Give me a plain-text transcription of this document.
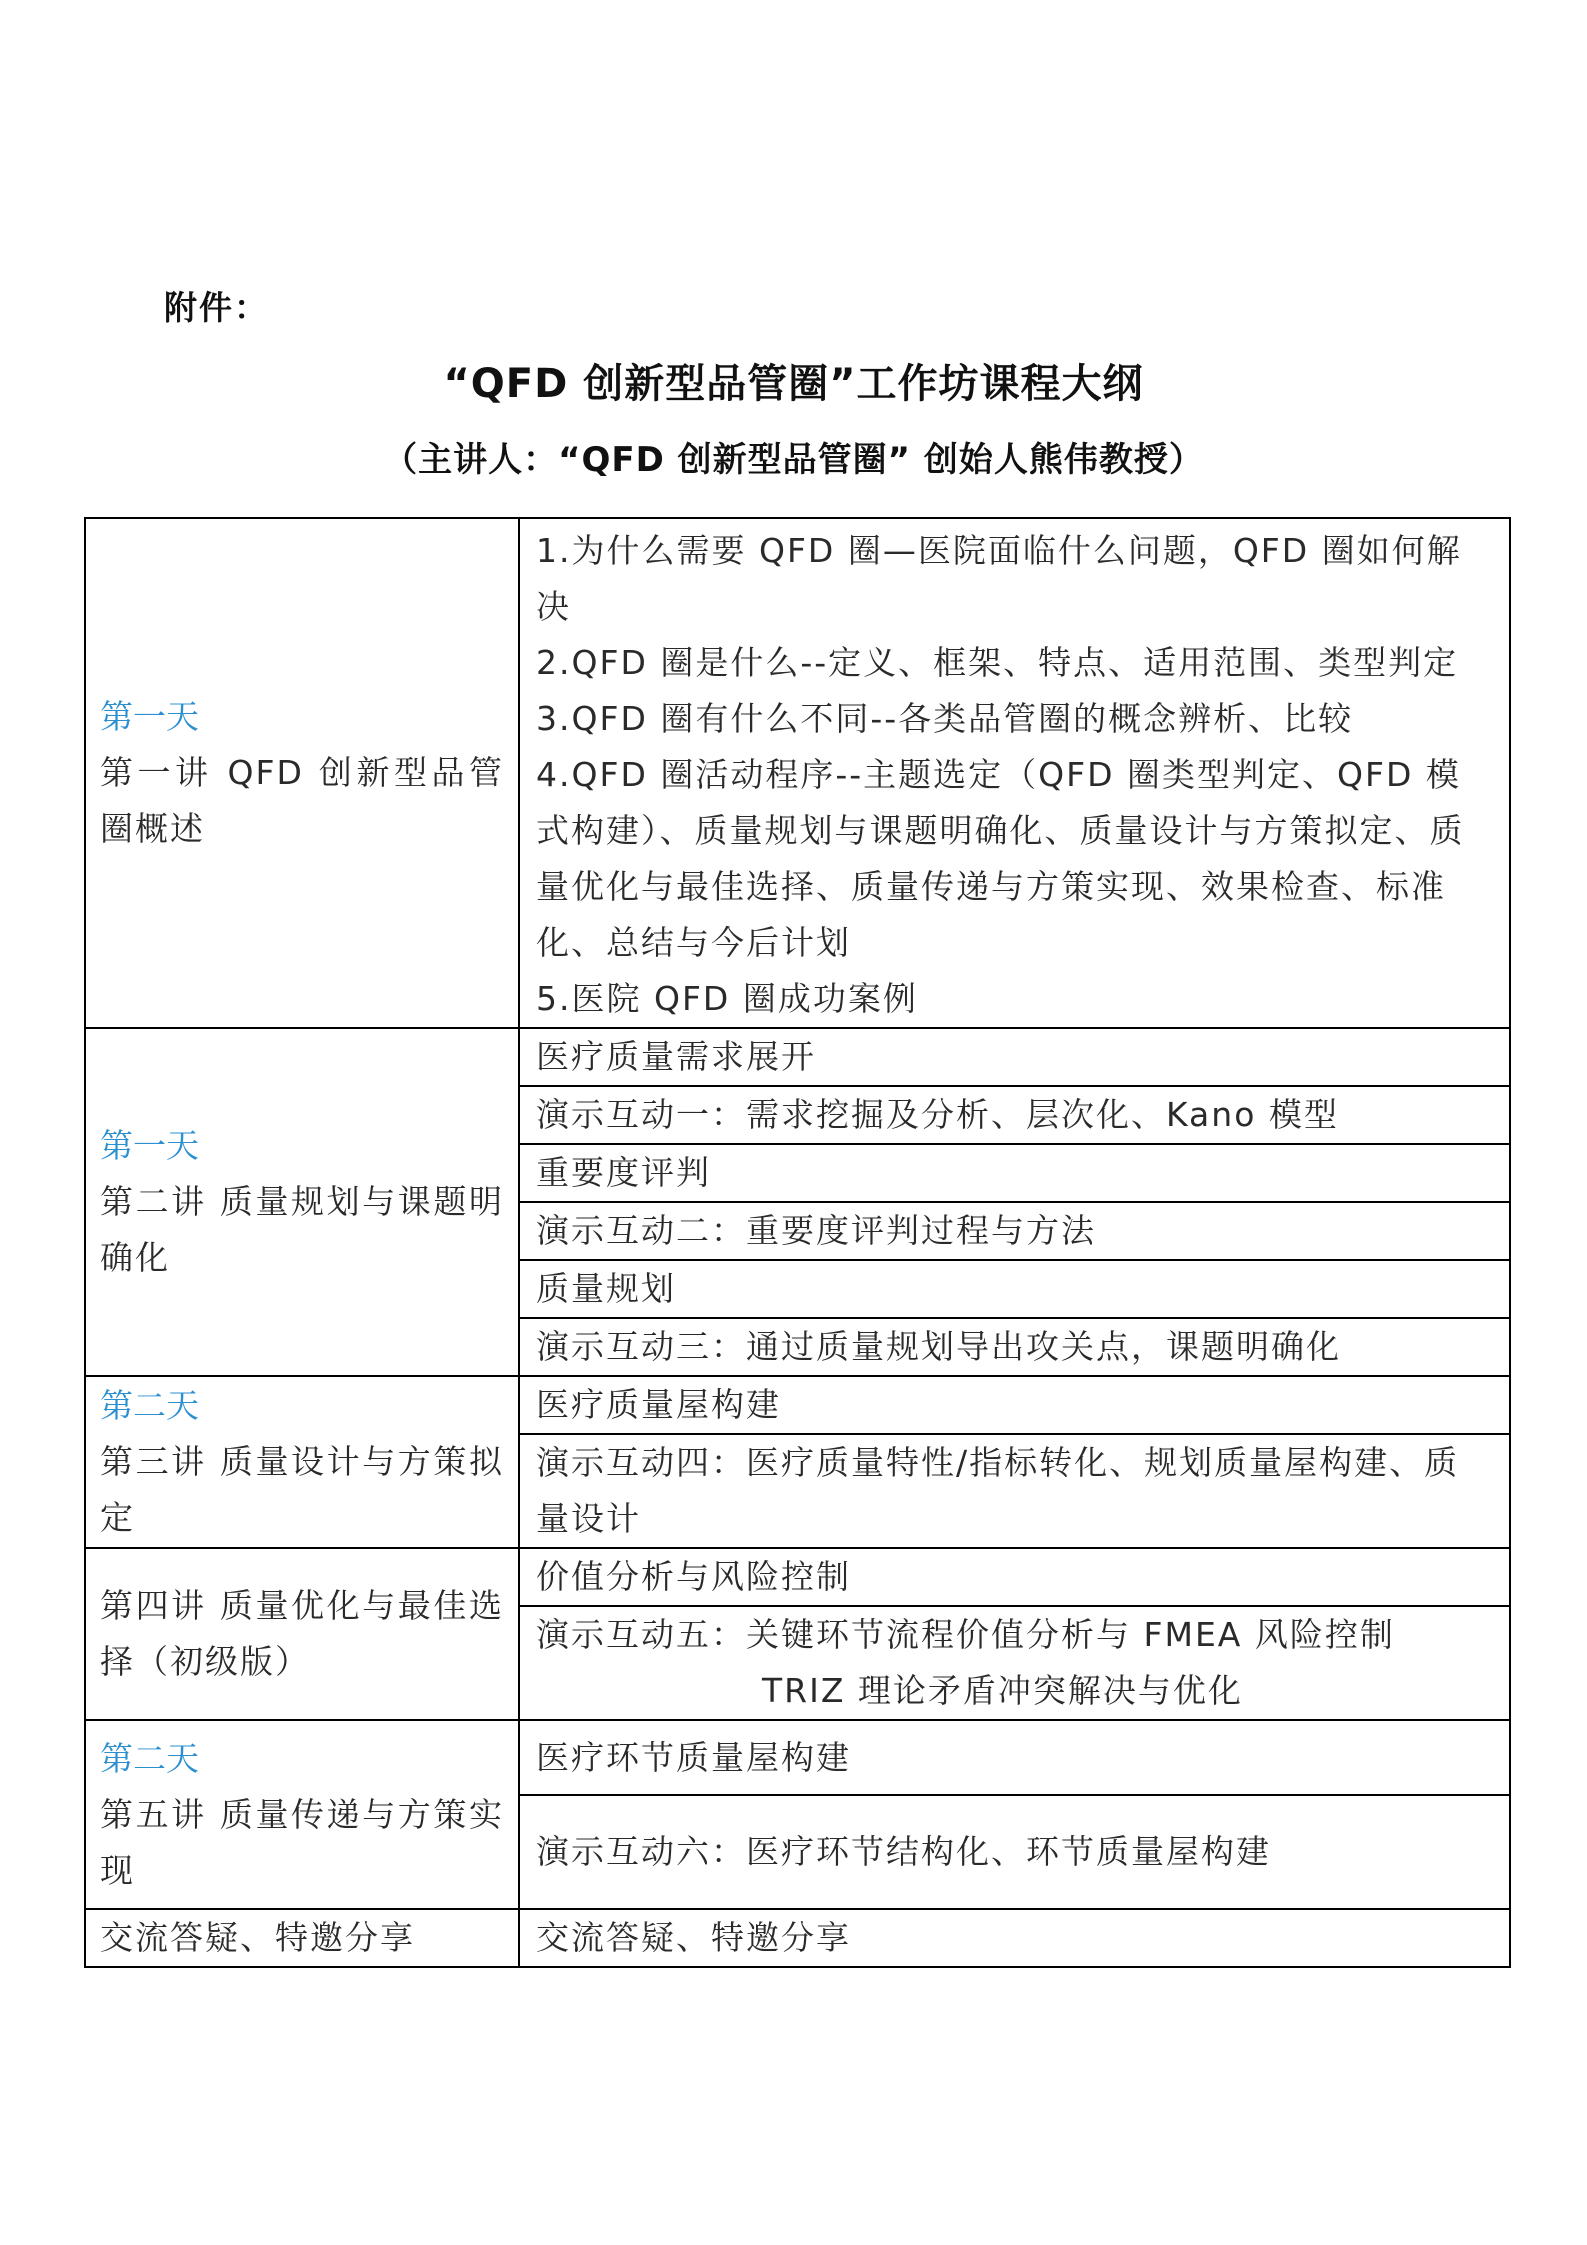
附件：
“QFD 创新型品管圈”工作坊课程大纲
（主讲人：“QFD 创新型品管圈” 创始人熊伟教授）
第一天
第一讲 QFD 创新型品管圈概述	1.为什么需要 QFD 圈—医院面临什么问题，QFD 圈如何解决
2.QFD 圈是什么--定义、框架、特点、适用范围、类型判定
3.QFD 圈有什么不同--各类品管圈的概念辨析、比较
4.QFD 圈活动程序--主题选定（QFD 圈类型判定、QFD 模式构建）、质量规划与课题明确化、质量设计与方策拟定、质量优化与最佳选择、质量传递与方策实现、效果检查、标准化、总结与今后计划
5.医院 QFD 圈成功案例

第一天
第二讲 质量规划与课题明确化	医疗质量需求展开

	演示互动一：需求挖掘及分析、层次化、Kano 模型

	重要度评判

	演示互动二：重要度评判过程与方法

	质量规划

	演示互动三：通过质量规划导出攻关点，课题明确化

第二天
第三讲 质量设计与方策拟定	医疗质量屋构建

	演示互动四：医疗质量特性/指标转化、规划质量屋构建、质量设计

第四讲 质量优化与最佳选择（初级版）	价值分析与风险控制

	演示互动五：关键环节流程价值分析与 FMEA 风险控制
TRIZ 理论矛盾冲突解决与优化

第二天
第五讲 质量传递与方策实现	医疗环节质量屋构建

	演示互动六：医疗环节结构化、环节质量屋构建

交流答疑、特邀分享	交流答疑、特邀分享
